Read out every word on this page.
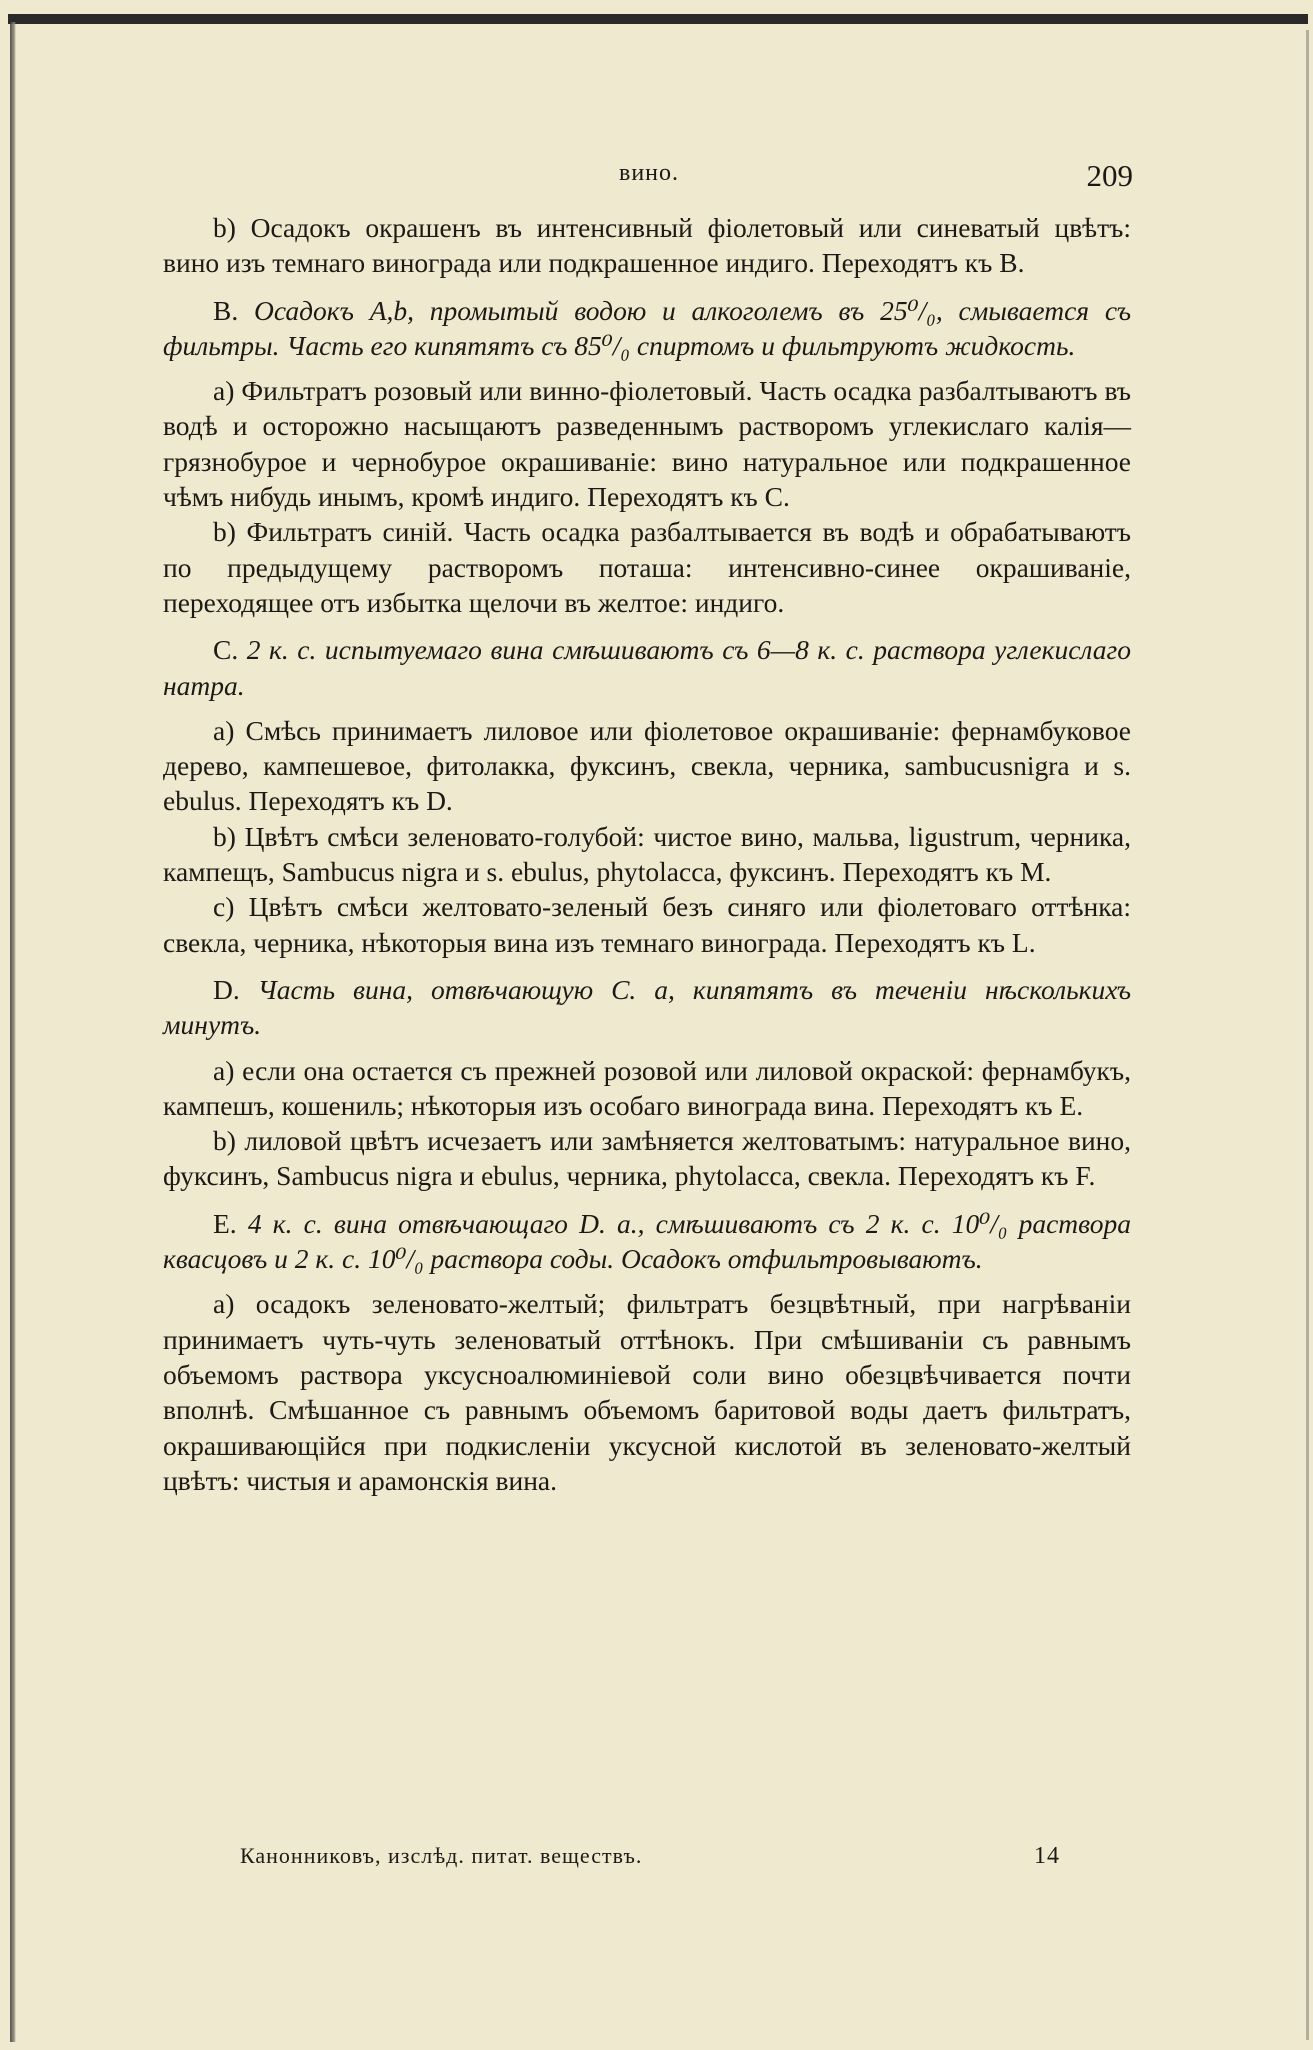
вино.	209

b) Осадокъ окрашенъ въ интенсивный фіолетовый или синеватый цвѣтъ: вино изъ темнаго винограда или подкрашенное индиго. Переходятъ къ В.

B. Осадокъ А,b, промытый водою и алкоголемъ въ 25⁰/₀, смывается съ фильтры. Часть его кипятятъ съ 85⁰/₀ спиртомъ и фильтруютъ жидкость.

a) Фильтратъ розовый или винно-фіолетовый. Часть осадка разбалтываютъ въ водѣ и осторожно насыщаютъ разведеннымъ растворомъ углекислаго калія—грязнобурое и чернобурое окрашиваніе: вино натуральное или подкрашенное чѣмъ нибудь инымъ, кромѣ индиго. Переходятъ къ С.

b) Фильтратъ синій. Часть осадка разбалтывается въ водѣ и обрабатываютъ по предыдущему растворомъ поташа: интенсивно-синее окрашиваніе, переходящее отъ избытка щелочи въ желтое: индиго.

C. 2 к. с. испытуемаго вина смѣшиваютъ съ 6—8 к. с. раствора углекислаго натра.

a) Смѣсь принимаетъ лиловое или фіолетовое окрашиваніе: фернамбуковое дерево, кампешевое, фитолакка, фуксинъ, свекла, черника, sambucusnigra и s. ebulus. Переходятъ къ D.

b) Цвѣтъ смѣси зеленовато-голубой: чистое вино, мальва, ligustrum, черника, кампещъ, Sambucus nigra и s. ebulus, phytolacca, фуксинъ. Переходятъ къ М.

c) Цвѣтъ смѣси желтовато-зеленый безъ синяго или фіолетоваго оттѣнка: свекла, черника, нѣкоторыя вина изъ темнаго винограда. Переходятъ къ L.

D. Часть вина, отвѣчающую С. а, кипятятъ въ теченіи нѣсколькихъ минутъ.

a) если она остается съ прежней розовой или лиловой окраской: фернамбукъ, кампешъ, кошениль; нѣкоторыя изъ особаго винограда вина. Переходятъ къ Е.

b) лиловой цвѣтъ исчезаетъ или замѣняется желтоватымъ: натуральное вино, фуксинъ, Sambucus nigra и ebulus, черника, phytolacca, свекла. Переходятъ къ F.

E. 4 к. с. вина отвѣчающаго D. а., смѣшиваютъ съ 2 к. с. 10⁰/₀ раствора квасцовъ и 2 к. с. 10⁰/₀ раствора соды. Осадокъ отфильтровываютъ.

a) осадокъ зеленовато-желтый; фильтратъ безцвѣтный, при нагрѣваніи принимаетъ чуть-чуть зеленоватый оттѣнокъ. При смѣшиваніи съ равнымъ объемомъ раствора уксусноалюминіевой соли вино обезцвѣчивается почти вполнѣ. Смѣшанное съ равнымъ объемомъ баритовой воды даетъ фильтратъ, окрашивающійся при подкисленіи уксусной кислотой въ зеленовато-желтый цвѣтъ: чистыя и арамонскія вина.

Канонниковъ, изслѣд. питат. веществъ.	14
